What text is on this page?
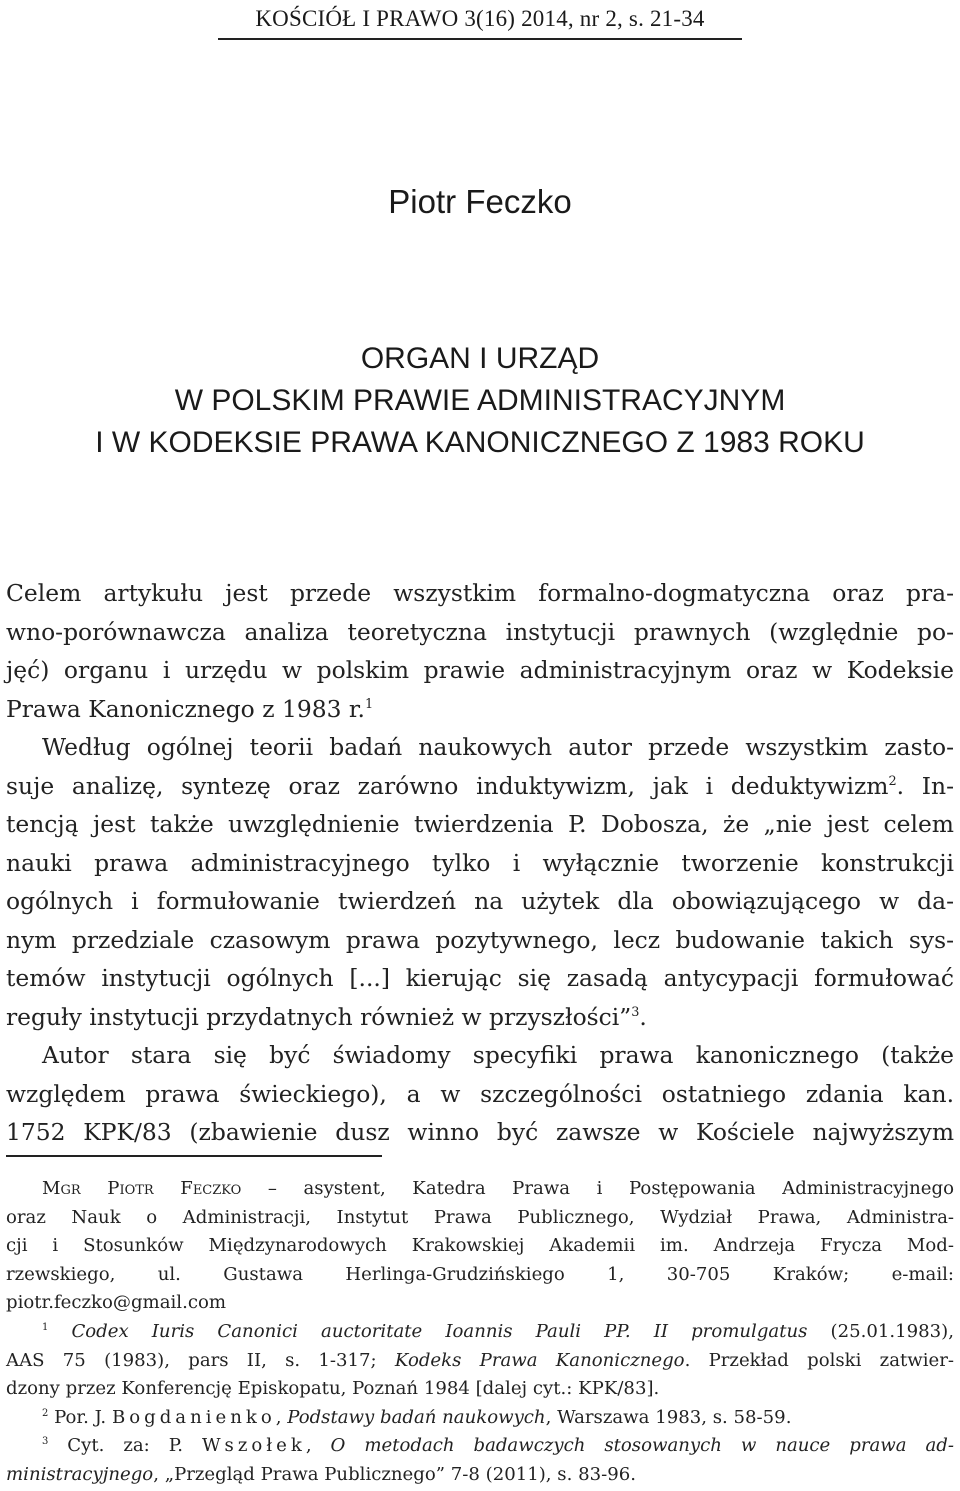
KOŚCIÓŁ I PRAWO 3(16) 2014, nr 2, s. 21-34
Piotr Feczko
ORGAN I URZĄD
W POLSKIM PRAWIE ADMINISTRACYJNYM
I W KODEKSIE PRAWA KANONICZNEGO Z 1983 ROKU
Celem artykułu jest przede wszystkim formalno-dogmatyczna oraz pra-
wno-porównawcza analiza teoretyczna instytucji prawnych (względnie po-
jęć) organu i urzędu w polskim prawie administracyjnym oraz w Kodeksie
Prawa Kanonicznego z 1983 r.$^1$
Według ogólnej teorii badań naukowych autor przede wszystkim zasto-
suje analizę, syntezę oraz zarówno induktywizm, jak i deduktywizm$^2$. In-
tencją jest także uwzględnienie twierdzenia P. Dobosza, że „nie jest celem
nauki prawa administracyjnego tylko i wyłącznie tworzenie konstrukcji
ogólnych i formułowanie twierdzeń na użytek dla obowiązującego w da-
nym przedziale czasowym prawa pozytywnego, lecz budowanie takich sys-
temów instytucji ogólnych [...] kierując się zasadą antycypacji formułować
reguły instytucji przydatnych również w przyszłości”$^3$.
Autor stara się być świadomy specyfiki prawa kanonicznego (także
względem prawa świeckiego), a w szczególności ostatniego zdania kan.
1752 KPK/83 (zbawienie dusz winno być zawsze w Kościele najwyższym
Mgr Piotr Feczko – asystent, Katedra Prawa i Postępowania Administracyjnego
oraz Nauk o Administracji, Instytut Prawa Publicznego, Wydział Prawa, Administra-
cji i Stosunków Międzynarodowych Krakowskiej Akademii im. Andrzeja Frycza Mod-
rzewskiego, ul. Gustawa Herlinga-Grudzińskiego 1, 30-705 Kraków; e-mail:
piotr.feczko@gmail.com
$^1$ Codex Iuris Canonici auctoritate Ioannis Pauli PP. II promulgatus (25.01.1983),
AAS 75 (1983), pars II, s. 1-317; Kodeks Prawa Kanonicznego. Przekład polski zatwier-
dzony przez Konferencję Episkopatu, Poznań 1984 [dalej cyt.: KPK/83].
$^2$ Por. J. Bogdanienko, Podstawy badań naukowych, Warszawa 1983, s. 58-59.
$^3$ Cyt. za: P. Wszołek, O metodach badawczych stosowanych w nauce prawa ad-
ministracyjnego, „Przegląd Prawa Publicznego” 7-8 (2011), s. 83-96.
